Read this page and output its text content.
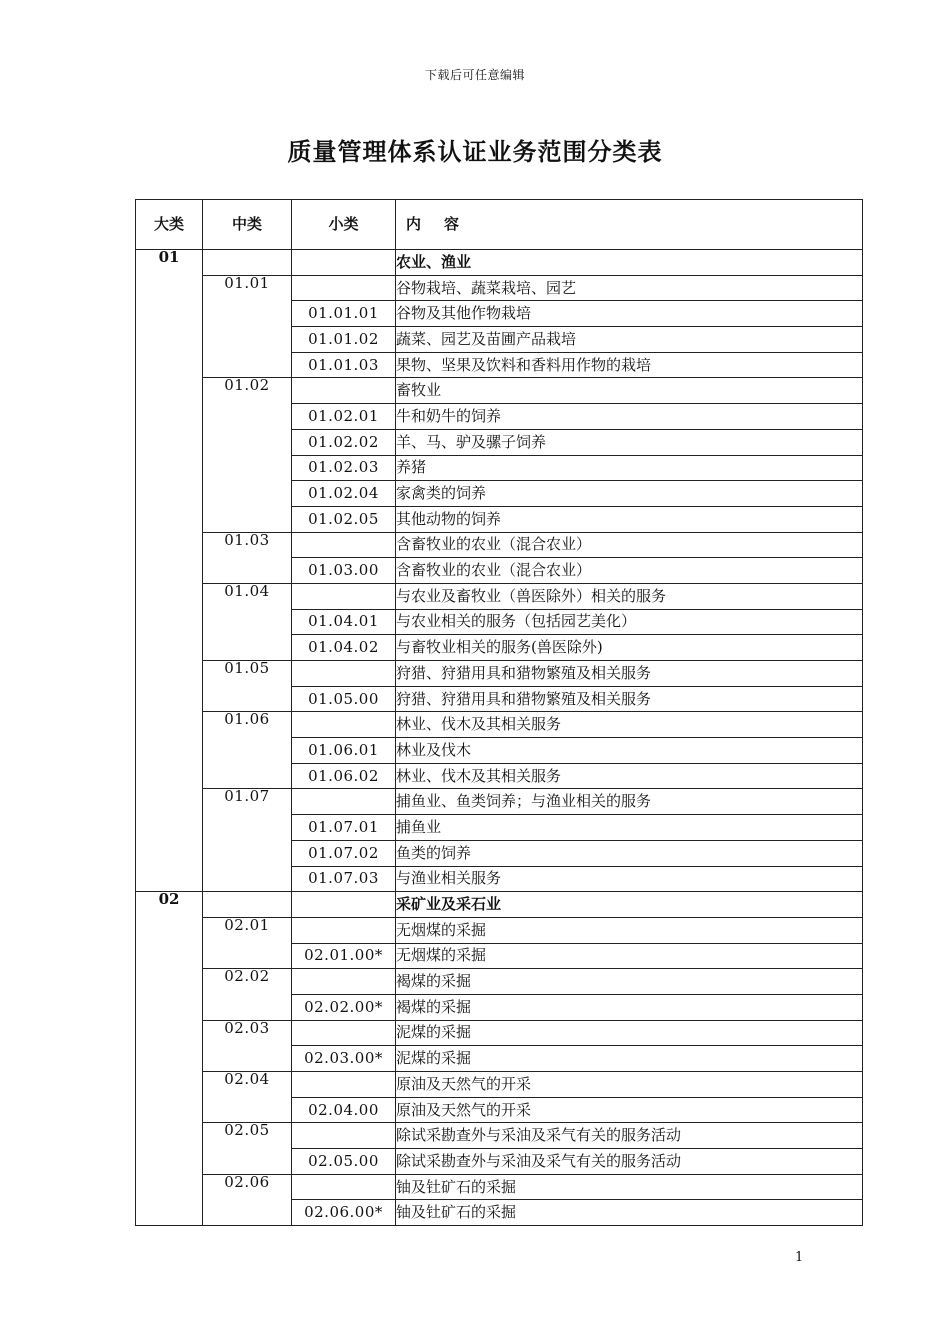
下载后可任意编辑
质量管理体系认证业务范围分类表
大类	中类	小类	内 容
01			农业、渔业
	01.01		谷物栽培、蔬菜栽培、园艺
		01.01.01	谷物及其他作物栽培
		01.01.02	蔬菜、园艺及苗圃产品栽培
		01.01.03	果物、坚果及饮料和香料用作物的栽培
	01.02		畜牧业
		01.02.01	牛和奶牛的饲养
		01.02.02	羊、马、驴及骡子饲养
		01.02.03	养猪
		01.02.04	家禽类的饲养
		01.02.05	其他动物的饲养
	01.03		含畜牧业的农业（混合农业）
		01.03.00	含畜牧业的农业（混合农业）
	01.04		与农业及畜牧业（兽医除外）相关的服务
		01.04.01	与农业相关的服务（包括园艺美化）
		01.04.02	与畜牧业相关的服务(兽医除外)
	01.05		狩猎、狩猎用具和猎物繁殖及相关服务
		01.05.00	狩猎、狩猎用具和猎物繁殖及相关服务
	01.06		林业、伐木及其相关服务
		01.06.01	林业及伐木
		01.06.02	林业、伐木及其相关服务
	01.07		捕鱼业、鱼类饲养；与渔业相关的服务
		01.07.01	捕鱼业
		01.07.02	鱼类的饲养
		01.07.03	与渔业相关服务
02			采矿业及采石业
	02.01		无烟煤的采掘
		02.01.00*	无烟煤的采掘
	02.02		褐煤的采掘
		02.02.00*	褐煤的采掘
	02.03		泥煤的采掘
		02.03.00*	泥煤的采掘
	02.04		原油及天然气的开采
		02.04.00	原油及天然气的开采
	02.05		除试采勘查外与采油及采气有关的服务活动
		02.05.00	除试采勘查外与采油及采气有关的服务活动
	02.06		铀及钍矿石的采掘
		02.06.00*	铀及钍矿石的采掘
1
